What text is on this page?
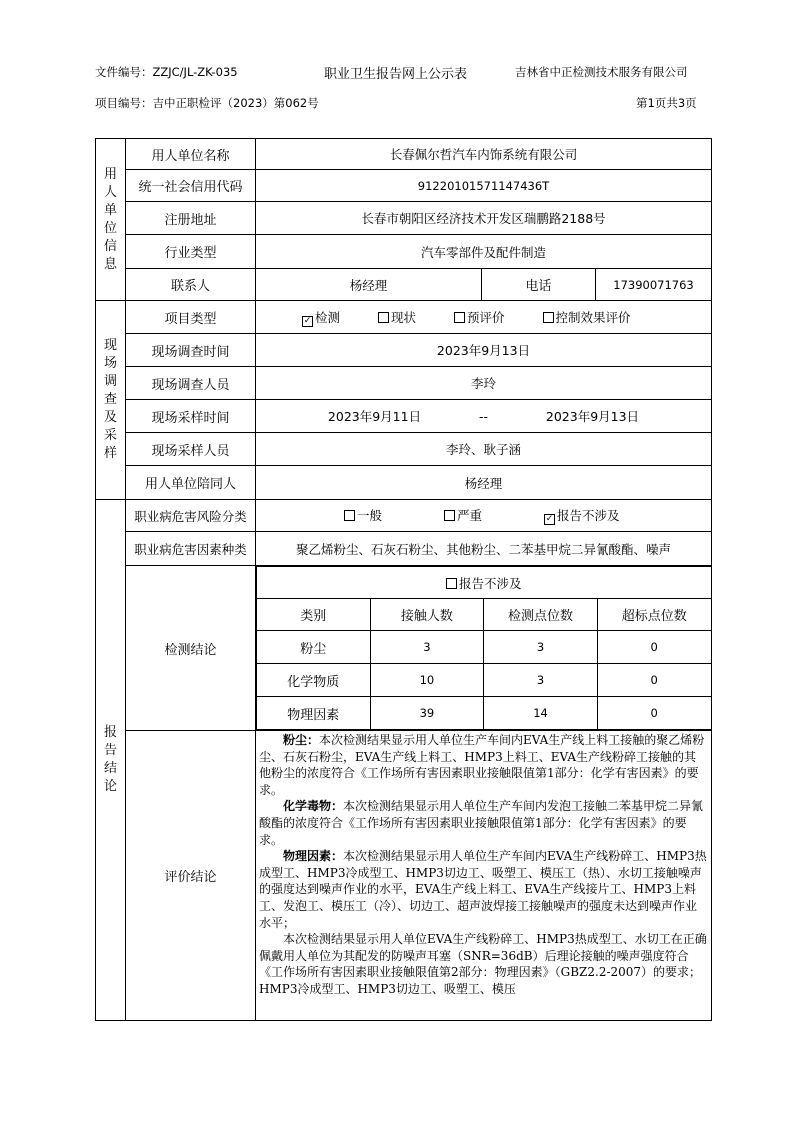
文件编号：ZZJC/JL-ZK-035	职业卫生报告网上公示表	吉林省中正检测技术服务有限公司
项目编号：吉中正职检评（2023）第062号	第1页共3页
用
人
单
位
信
息
	用人单位名称	长春佩尔哲汽车内饰系统有限公司
统一社会信用代码	91220101571147436T
注册地址	长春市朝阳区经济技术开发区瑞鹏路2188号
行业类型	汽车零部件及配件制造
联系人	杨经理	电话	17390071763

现
场
调
查
及
采
样
	项目类型	✓ 检测	现状	预评价	控制效果评价
现场调查时间	2023年9月13日
现场调查人员	李玲
现场采样时间	2023年9月11日	--	2023年9月13日
现场采样人员	李玲、耿子涵
用人单位陪同人	杨经理

报
告
结
论
	职业病危害风险分类	一般	严重	✓ 报告不涉及
职业病危害因素种类	聚乙烯粉尘、石灰石粉尘、其他粉尘、二苯基甲烷二异氰酸酯、噪声
检测结论	
报告不涉及
类别	接触人数	检测点位数	超标点位数
粉尘	3	3	0
化学物质	10	3	0
物理因素	39	14	0

评价结论	

粉尘：本次检测结果显示用人单位生产车间内EVA生产线上料工接触的聚乙烯粉尘、石灰石粉尘，EVA生产线上料工、HMP3上料工、EVA生产线粉碎工接触的其他粉尘的浓度符合《工作场所有害因素职业接触限值第1部分：化学有害因素》的要求。

化学毒物：本次检测结果显示用人单位生产车间内发泡工接触二苯基甲烷二异氰酸酯的浓度符合《工作场所有害因素职业接触限值第1部分：化学有害因素》的要求。

物理因素：本次检测结果显示用人单位生产车间内EVA生产线粉碎工、HMP3热成型工、HMP3冷成型工、HMP3切边工、吸塑工、模压工（热）、水切工接触噪声的强度达到噪声作业的水平，EVA生产线上料工、EVA生产线接片工、HMP3上料工、发泡工、模压工（冷）、切边工、超声波焊接工接触噪声的强度未达到噪声作业水平；

本次检测结果显示用人单位EVA生产线粉碎工、HMP3热成型工、水切工在正确佩戴用人单位为其配发的防噪声耳塞（SNR=36dB）后理论接触的噪声强度符合《工作场所有害因素职业接触限值第2部分：物理因素》（GBZ2.2-2007）的要求；HMP3冷成型工、HMP3切边工、吸塑工、模压
